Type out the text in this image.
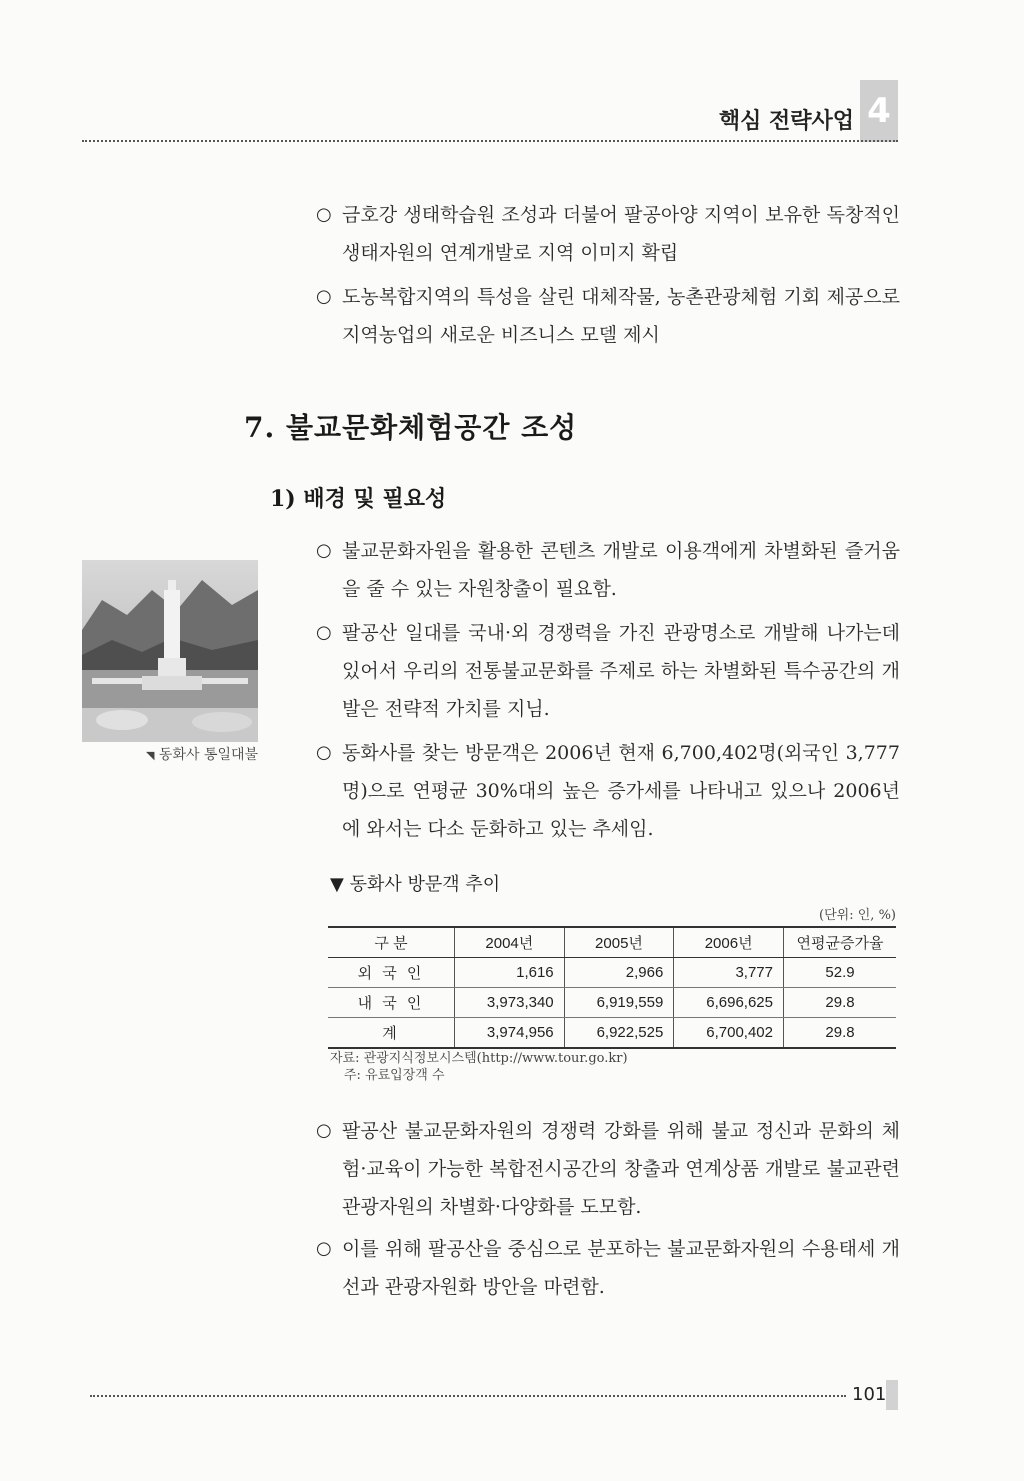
핵심 전략사업 4
○ 금호강 생태학습원 조성과 더불어 팔공아양 지역이 보유한 독창적인 생태자원의 연계개발로 지역 이미지 확립
○ 도농복합지역의 특성을 살린 대체작물, 농촌관광체험 기회 제공으로 지역농업의 새로운 비즈니스 모델 제시
7. 불교문화체험공간 조성
1) 배경 및 필요성
○ 불교문화자원을 활용한 콘텐츠 개발로 이용객에게 차별화된 즐거움을 줄 수 있는 자원창출이 필요함.
○ 팔공산 일대를 국내·외 경쟁력을 가진 관광명소로 개발해 나가는데 있어서 우리의 전통불교문화를 주제로 하는 차별화된 특수공간의 개발은 전략적 가치를 지님.
○ 동화사를 찾는 방문객은 2006년 현재 6,700,402명(외국인 3,777명)으로 연평균 30%대의 높은 증가세를 나타내고 있으나 2006년에 와서는 다소 둔화하고 있는 추세임.
◥ 동화사 통일대불
▼ 동화사 방문객 추이
(단위: 인, %)
구 분	2004년	2005년	2006년	연평균증가율
외 국 인	1,616	2,966	3,777	52.9
내 국 인	3,973,340	6,919,559	6,696,625	29.8
계	3,974,956	6,922,525	6,700,402	29.8
자료: 관광지식정보시스템(http://www.tour.go.kr)
주: 유료입장객 수
○ 팔공산 불교문화자원의 경쟁력 강화를 위해 불교 정신과 문화의 체험·교육이 가능한 복합전시공간의 창출과 연계상품 개발로 불교관련 관광자원의 차별화·다양화를 도모함.
○ 이를 위해 팔공산을 중심으로 분포하는 불교문화자원의 수용태세 개선과 관광자원화 방안을 마련함.
101
